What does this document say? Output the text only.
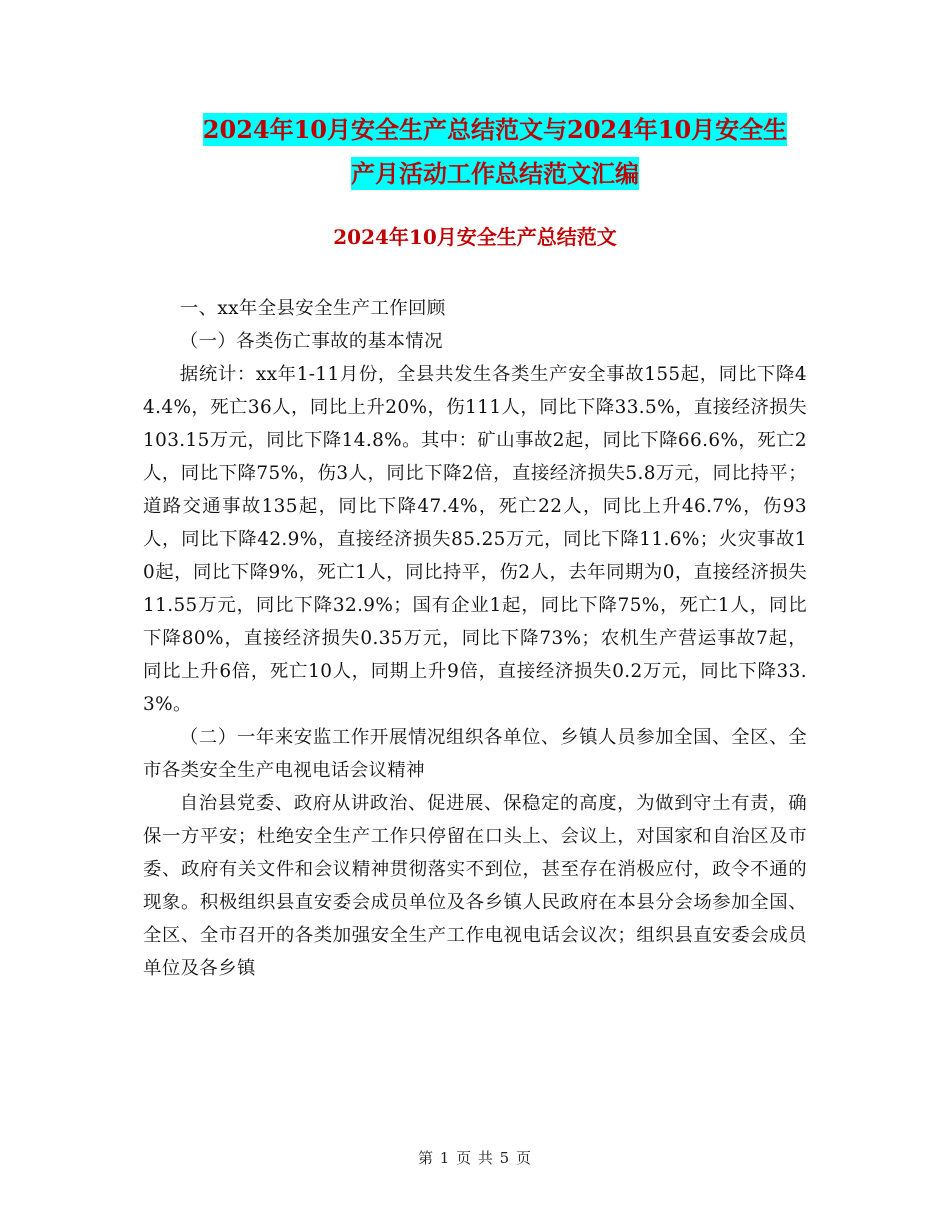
2024年10月安全生产总结范文与2024年10月安全生
产月活动工作总结范文汇编
2024年10月安全生产总结范文

一、xx年全县安全生产工作回顾

（一）各类伤亡事故的基本情况

据统计：xx年1-11月份，全县共发生各类生产安全事故155起，同比下降44.4%，死亡36人，同比上升20%，伤111人，同比下降33.5%，直接经济损失103.15万元，同比下降14.8%。其中：矿山事故2起，同比下降66.6%，死亡2人，同比下降75%，伤3人，同比下降2倍，直接经济损失5.8万元，同比持平；道路交通事故135起，同比下降47.4%，死亡22人，同比上升46.7%，伤93人，同比下降42.9%，直接经济损失85.25万元，同比下降11.6%；火灾事故10起，同比下降9%，死亡1人，同比持平，伤2人，去年同期为0，直接经济损失11.55万元，同比下降32.9%；国有企业1起，同比下降75%，死亡1人，同比下降80%，直接经济损失0.35万元，同比下降73%；农机生产营运事故7起，同比上升6倍，死亡10人，同期上升9倍，直接经济损失0.2万元，同比下降33.3%。

（二）一年来安监工作开展情况组织各单位、乡镇人员参加全国、全区、全市各类安全生产电视电话会议精神

自治县党委、政府从讲政治、促进展、保稳定的高度，为做到守土有责，确保一方平安；杜绝安全生产工作只停留在口头上、会议上，对国家和自治区及市委、政府有关文件和会议精神贯彻落实不到位，甚至存在消极应付，政令不通的现象。积极组织县直安委会成员单位及各乡镇人民政府在本县分会场参加全国、全区、全市召开的各类加强安全生产工作电视电话会议次；组织县直安委会成员单位及各乡镇

第 1 页 共 5 页
